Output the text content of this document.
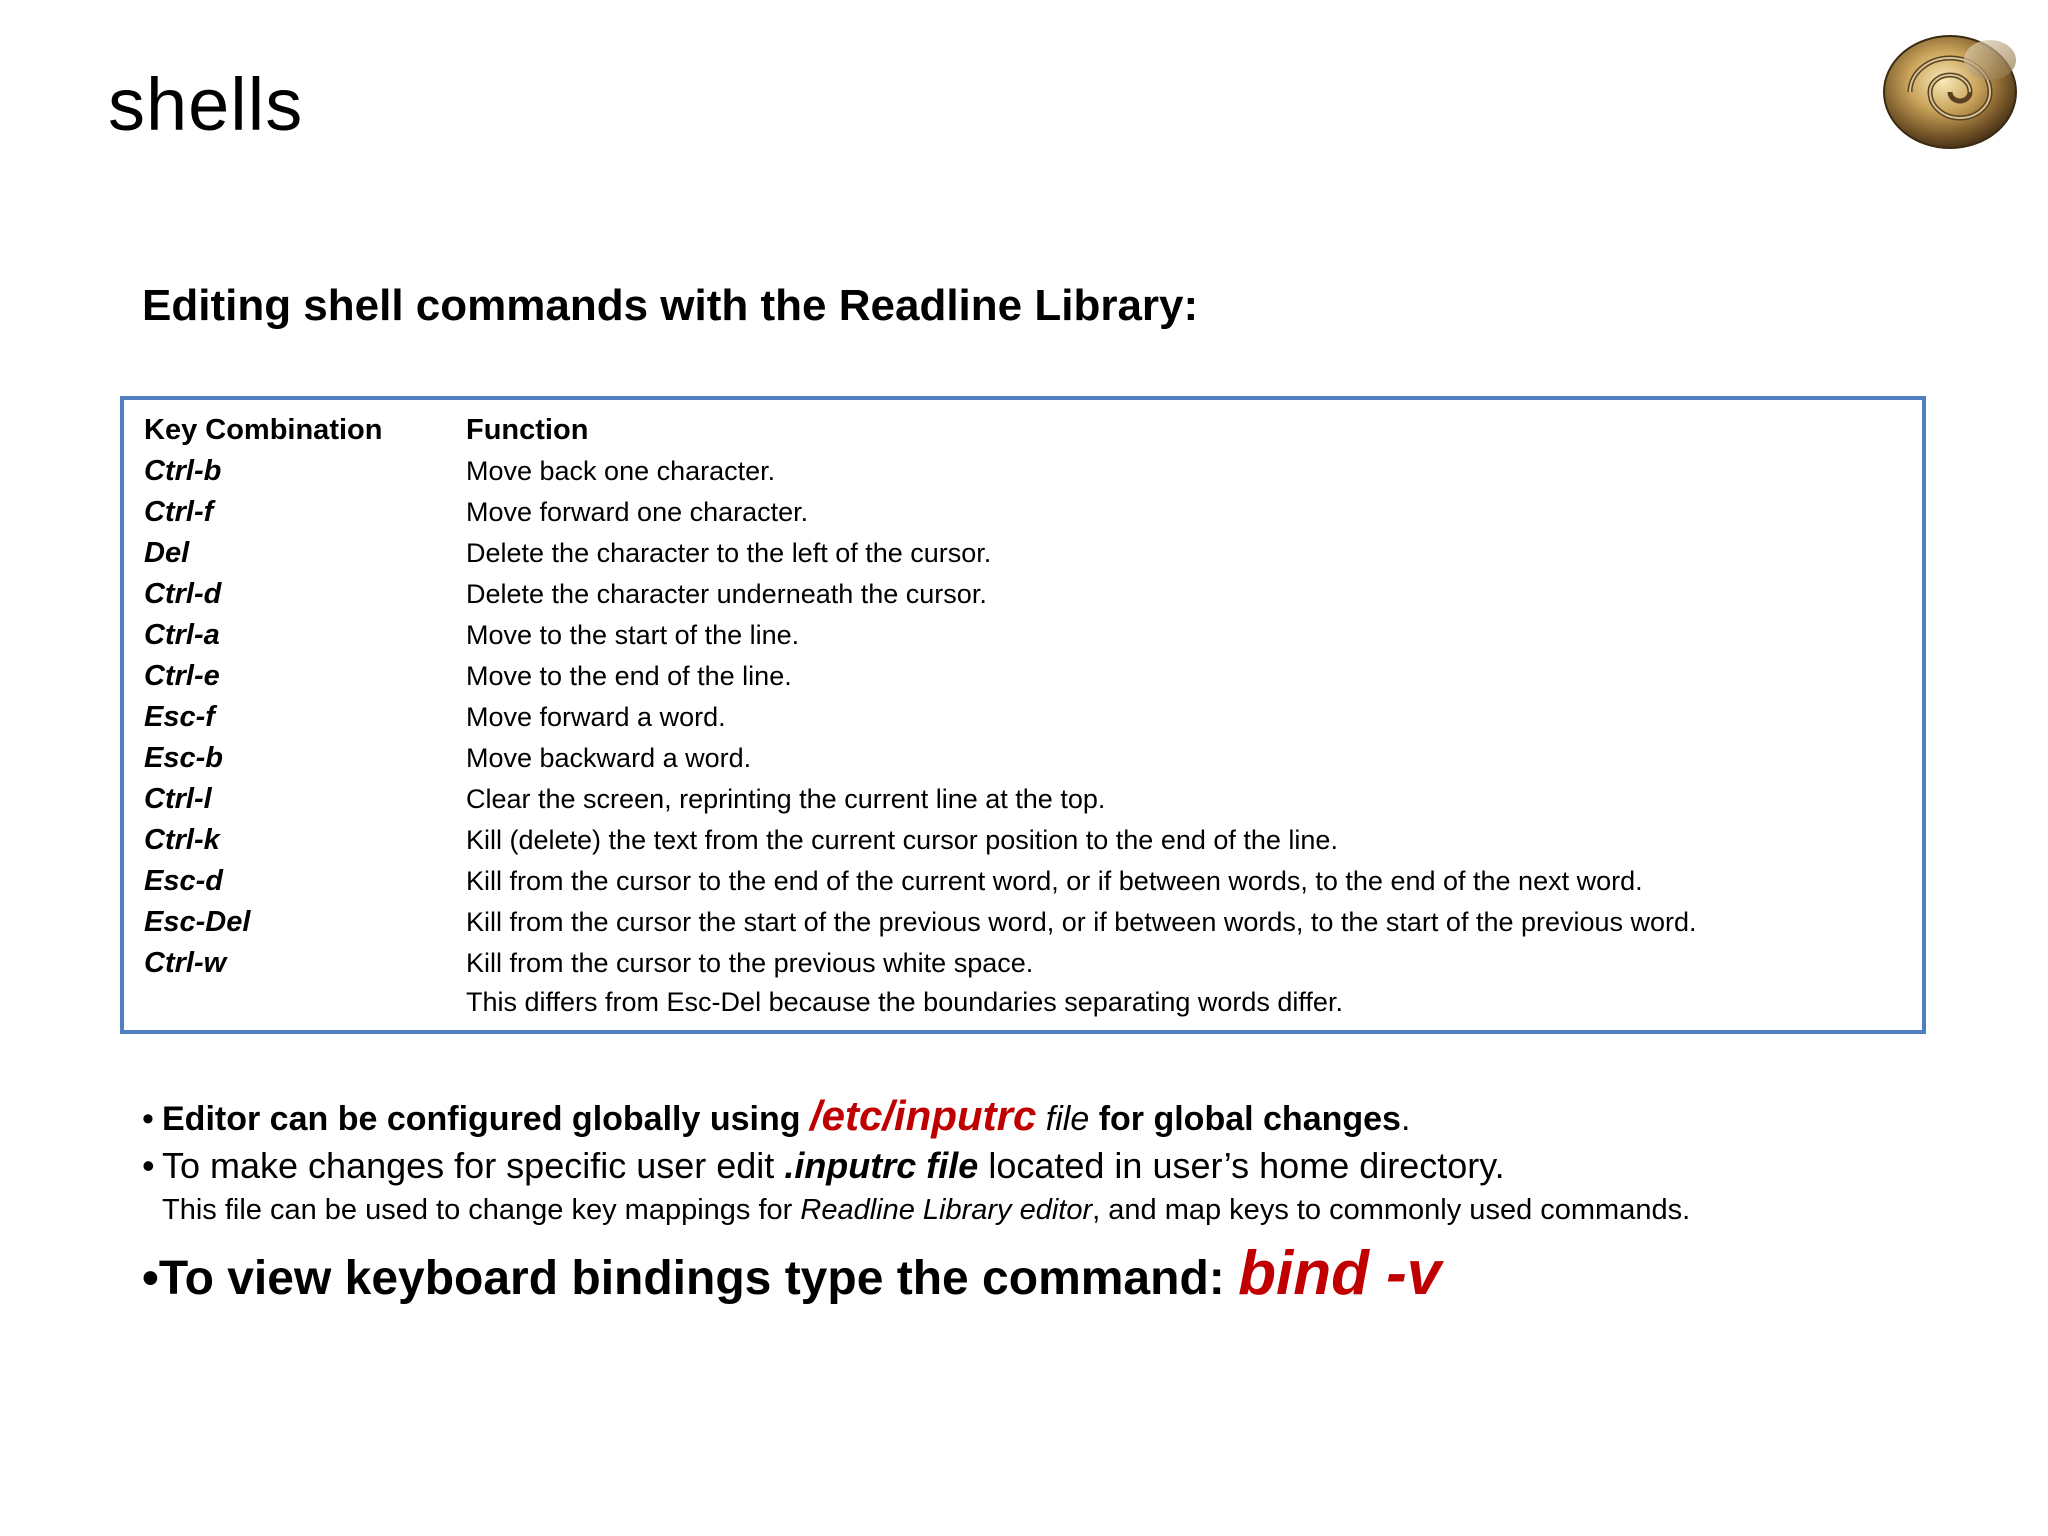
shells
Editing shell commands with the Readline Library:
Key Combination	Function
Ctrl-b	Move back one character.
Ctrl-f	Move forward one character.
Del	Delete the character to the left of the cursor.
Ctrl-d	Delete the character underneath the cursor.
Ctrl-a	Move to the start of the line.
Ctrl-e	Move to the end of the line.
Esc-f	Move forward a word.
Esc-b	Move backward a word.
Ctrl-l	Clear the screen, reprinting the current line at the top.
Ctrl-k	Kill (delete) the text from the current cursor position to the end of the line.
Esc-d	Kill from the cursor to the end of the current word, or if between words, to the end of the next word.
Esc-Del	Kill from the cursor the start of the previous word, or if between words, to the start of the previous word.
Ctrl-w	Kill from the cursor to the previous white space.
This differs from Esc-Del because the boundaries separating words differ.
• Editor can be configured globally using /etc/inputrc file for global changes.
• To make changes for specific user edit .inputrc file located in user’s home directory.
This file can be used to change key mappings for Readline Library editor, and map keys to commonly used commands.
•To view keyboard bindings type the command: bind -v
